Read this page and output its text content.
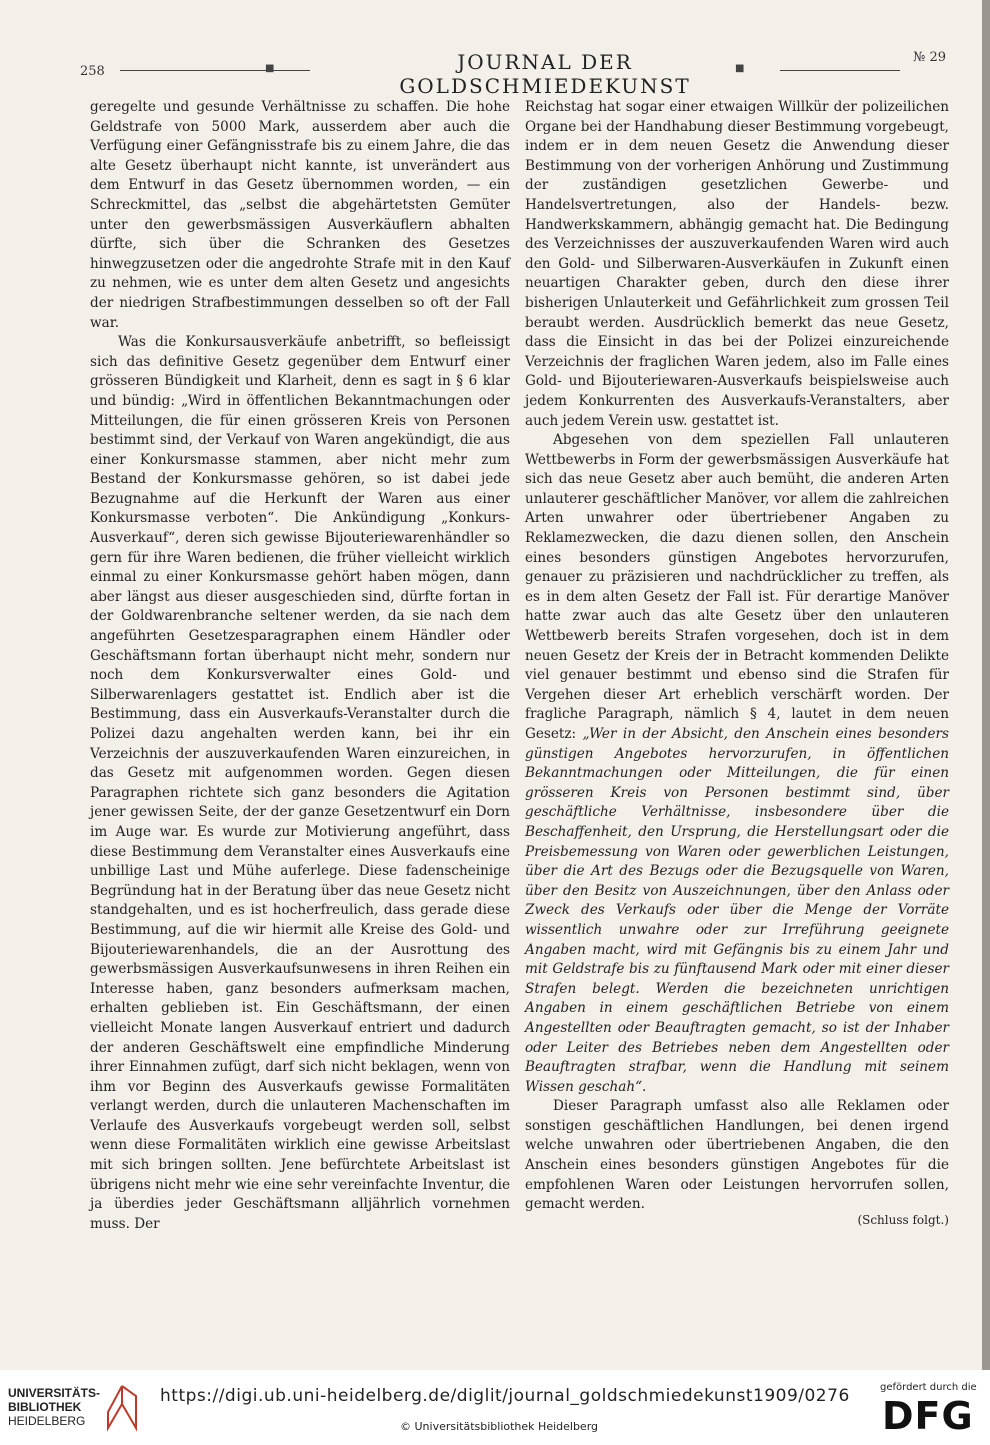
258	■	■
JOURNAL DER GOLDSCHMIEDEKUNST
№ 29

geregelte und gesunde Verhältnisse zu schaffen. Die hohe Geldstrafe von 5000 Mark, ausserdem aber auch die Verfügung einer Gefängnisstrafe bis zu einem Jahre, die das alte Gesetz überhaupt nicht kannte, ist unverändert aus dem Entwurf in das Gesetz übernommen worden, — ein Schreckmittel, das „selbst die abgehärtetsten Gemüter unter den gewerbsmässigen Ausverkäuflern abhalten dürfte, sich über die Schranken des Gesetzes hinwegzusetzen oder die angedrohte Strafe mit in den Kauf zu nehmen, wie es unter dem alten Gesetz und angesichts der niedrigen Strafbestimmungen desselben so oft der Fall war.

Was die Konkursausverkäufe anbetrifft, so befleissigt sich das definitive Gesetz gegenüber dem Entwurf einer grösseren Bündigkeit und Klarheit, denn es sagt in § 6 klar und bündig: „Wird in öffentlichen Bekanntmachungen oder Mitteilungen, die für einen grösseren Kreis von Personen bestimmt sind, der Verkauf von Waren angekündigt, die aus einer Konkursmasse stammen, aber nicht mehr zum Bestand der Konkursmasse gehören, so ist dabei jede Bezugnahme auf die Herkunft der Waren aus einer Konkursmasse verboten“. Die Ankündigung „Konkurs-Ausverkauf“, deren sich gewisse Bijouteriewarenhändler so gern für ihre Waren bedienen, die früher vielleicht wirklich einmal zu einer Konkursmasse gehört haben mögen, dann aber längst aus dieser ausgeschieden sind, dürfte fortan in der Goldwarenbranche seltener werden, da sie nach dem angeführten Gesetzesparagraphen einem Händler oder Geschäftsmann fortan überhaupt nicht mehr, sondern nur noch dem Konkursverwalter eines Gold- und Silberwarenlagers gestattet ist. Endlich aber ist die Bestimmung, dass ein Ausverkaufs-Veranstalter durch die Polizei dazu angehalten werden kann, bei ihr ein Verzeichnis der auszuverkaufenden Waren einzureichen, in das Gesetz mit aufgenommen worden. Gegen diesen Paragraphen richtete sich ganz besonders die Agitation jener gewissen Seite, der der ganze Gesetzentwurf ein Dorn im Auge war. Es wurde zur Motivierung angeführt, dass diese Bestimmung dem Veranstalter eines Ausverkaufs eine unbillige Last und Mühe auferlege. Diese fadenscheinige Begründung hat in der Beratung über das neue Gesetz nicht standgehalten, und es ist hocherfreulich, dass gerade diese Bestimmung, auf die wir hiermit alle Kreise des Gold- und Bijouteriewarenhandels, die an der Ausrottung des gewerbsmässigen Ausverkaufsunwesens in ihren Reihen ein Interesse haben, ganz besonders aufmerksam machen, erhalten geblieben ist. Ein Geschäftsmann, der einen vielleicht Monate langen Ausverkauf entriert und dadurch der anderen Geschäftswelt eine empfindliche Minderung ihrer Einnahmen zufügt, darf sich nicht beklagen, wenn von ihm vor Beginn des Ausverkaufs gewisse Formalitäten verlangt werden, durch die unlauteren Machenschaften im Verlaufe des Ausverkaufs vorgebeugt werden soll, selbst wenn diese Formalitäten wirklich eine gewisse Arbeitslast mit sich bringen sollten. Jene befürchtete Arbeitslast ist übrigens nicht mehr wie eine sehr vereinfachte Inventur, die ja überdies jeder Geschäftsmann alljährlich vornehmen muss. Der

Reichstag hat sogar einer etwaigen Willkür der polizeilichen Organe bei der Handhabung dieser Bestimmung vorgebeugt, indem er in dem neuen Gesetz die Anwendung dieser Bestimmung von der vorherigen Anhörung und Zustimmung der zuständigen gesetzlichen Gewerbe- und Handelsvertretungen, also der Handels- bezw. Handwerkskammern, abhängig gemacht hat. Die Bedingung des Verzeichnisses der auszuverkaufenden Waren wird auch den Gold- und Silberwaren-Ausverkäufen in Zukunft einen neuartigen Charakter geben, durch den diese ihrer bisherigen Unlauterkeit und Gefährlichkeit zum grossen Teil beraubt werden. Ausdrücklich bemerkt das neue Gesetz, dass die Einsicht in das bei der Polizei einzureichende Verzeichnis der fraglichen Waren jedem, also im Falle eines Gold- und Bijouteriewaren-Ausverkaufs beispielsweise auch jedem Konkurrenten des Ausverkaufs-Veranstalters, aber auch jedem Verein usw. gestattet ist.

Abgesehen von dem speziellen Fall unlauteren Wettbewerbs in Form der gewerbsmässigen Ausverkäufe hat sich das neue Gesetz aber auch bemüht, die anderen Arten unlauterer geschäftlicher Manöver, vor allem die zahlreichen Arten unwahrer oder übertriebener Angaben zu Reklamezwecken, die dazu dienen sollen, den Anschein eines besonders günstigen Angebotes hervorzurufen, genauer zu präzisieren und nachdrücklicher zu treffen, als es in dem alten Gesetz der Fall ist. Für derartige Manöver hatte zwar auch das alte Gesetz über den unlauteren Wettbewerb bereits Strafen vorgesehen, doch ist in dem neuen Gesetz der Kreis der in Betracht kommenden Delikte viel genauer bestimmt und ebenso sind die Strafen für Vergehen dieser Art erheblich verschärft worden. Der fragliche Paragraph, nämlich § 4, lautet in dem neuen Gesetz: „Wer in der Absicht, den Anschein eines besonders günstigen Angebotes hervorzurufen, in öffentlichen Bekanntmachungen oder Mitteilungen, die für einen grösseren Kreis von Personen bestimmt sind, über geschäftliche Verhältnisse, insbesondere über die Beschaffenheit, den Ursprung, die Herstellungsart oder die Preisbemessung von Waren oder gewerblichen Leistungen, über die Art des Bezugs oder die Bezugsquelle von Waren, über den Besitz von Auszeichnungen, über den Anlass oder Zweck des Verkaufs oder über die Menge der Vorräte wissentlich unwahre oder zur Irreführung geeignete Angaben macht, wird mit Gefängnis bis zu einem Jahr und mit Geldstrafe bis zu fünftausend Mark oder mit einer dieser Strafen belegt. Werden die bezeichneten unrichtigen Angaben in einem geschäftlichen Betriebe von einem Angestellten oder Beauftragten gemacht, so ist der Inhaber oder Leiter des Betriebes neben dem Angestellten oder Beauftragten strafbar, wenn die Handlung mit seinem Wissen geschah“.

Dieser Paragraph umfasst also alle Reklamen oder sonstigen geschäftlichen Handlungen, bei denen irgend welche unwahren oder übertriebenen Angaben, die den Anschein eines besonders günstigen Angebotes für die empfohlenen Waren oder Leistungen hervorrufen sollen, gemacht werden.

(Schluss folgt.)
UNIVERSITÄTS-
BIBLIOTHEK
HEIDELBERG
https://digi.ub.uni-heidelberg.de/diglit/journal_goldschmiedekunst1909/0276
© Universitätsbibliothek Heidelberg
gefördert durch die
DFG
